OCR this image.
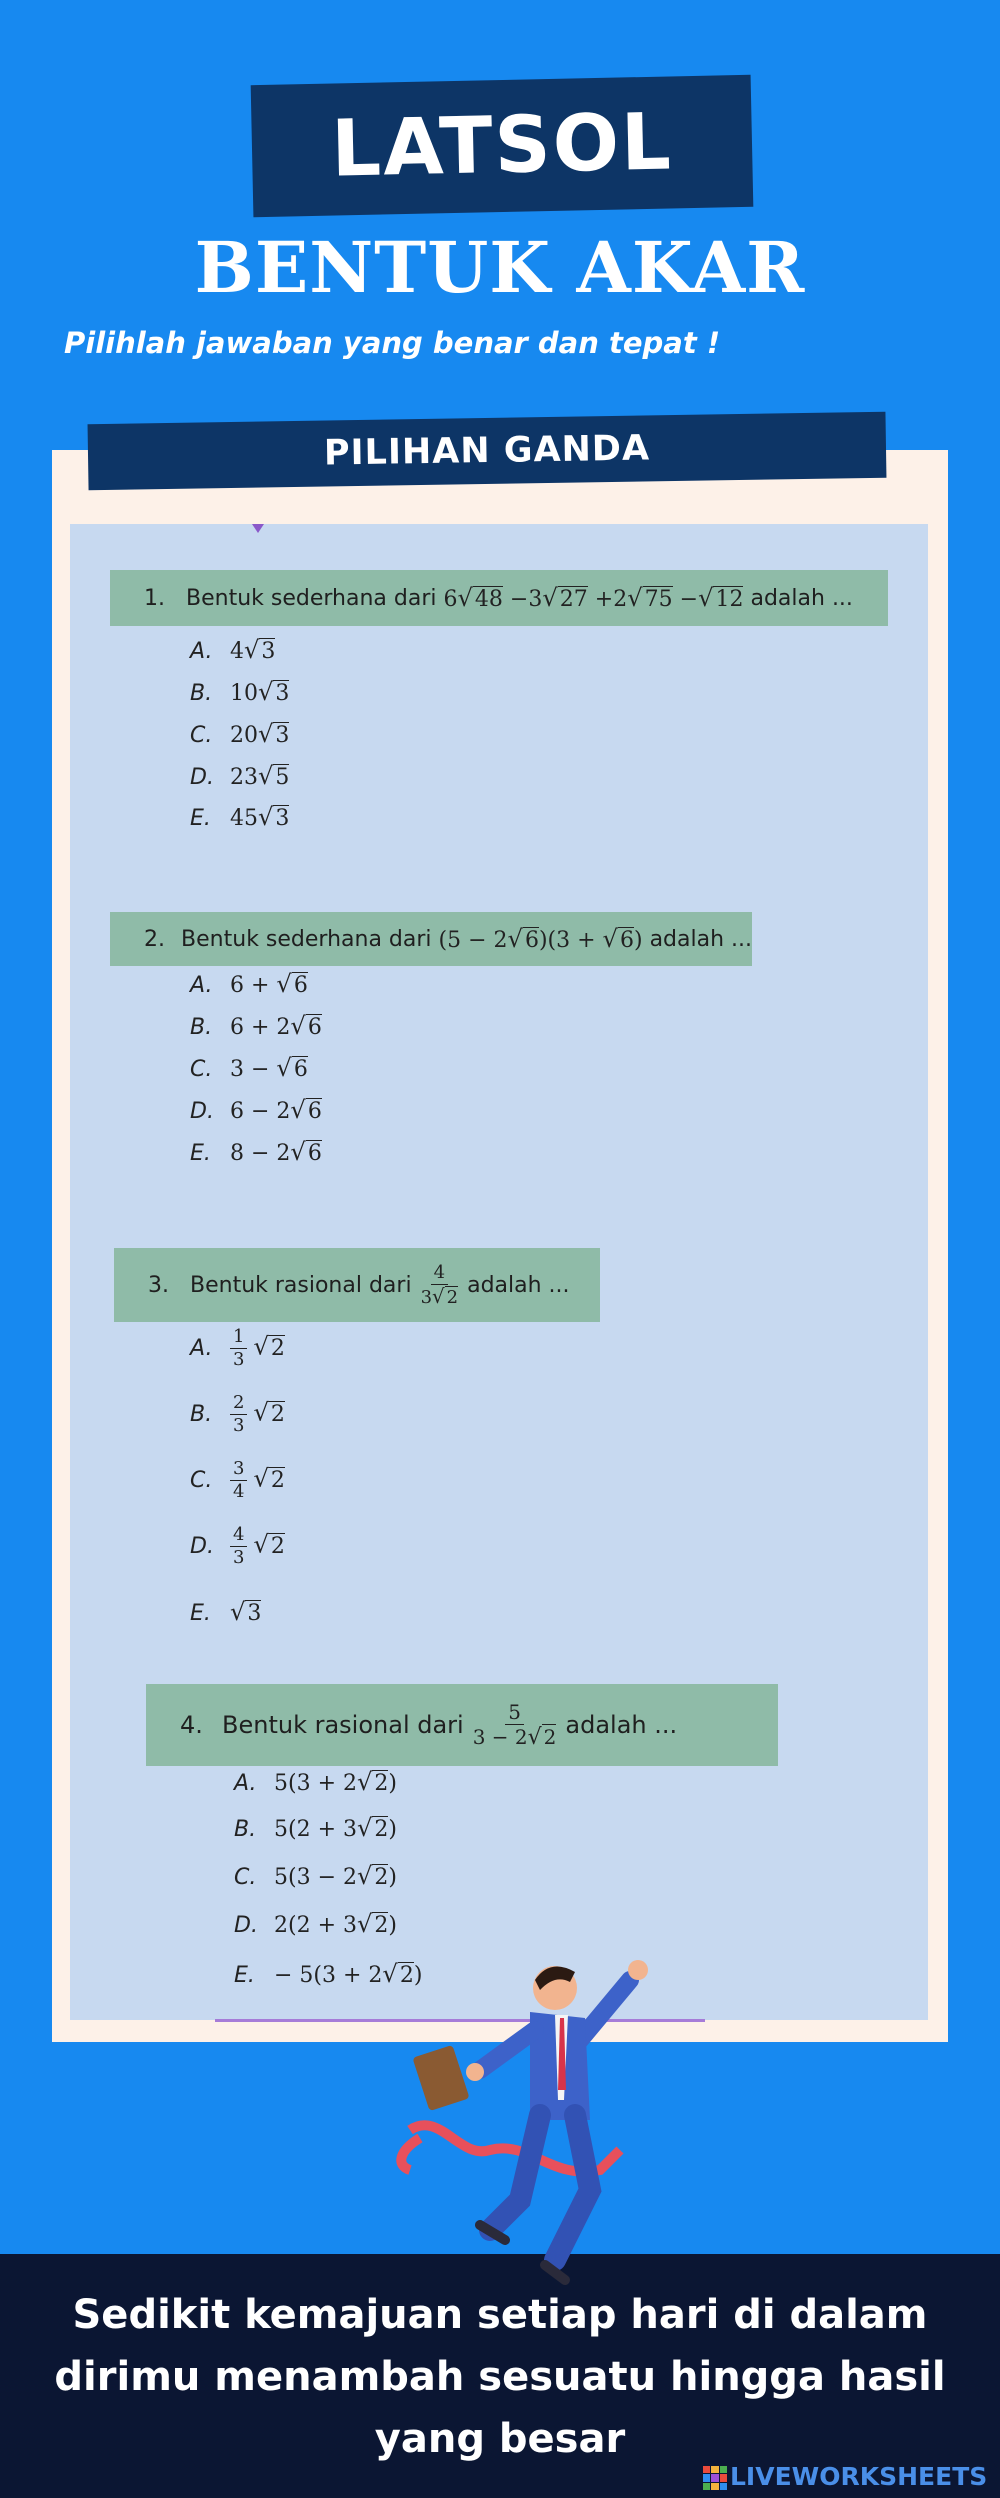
LATSOL
BENTUK AKAR
Pilihlah jawaban yang benar dan tepat !
PILIHAN GANDA
1. Bentuk sederhana dari
6√48 −3√27 +2√75 −√12
adalah ...
A. 4√3
B. 10√3
C. 20√3
D. 23√5
E. 45√3
2. Bentuk sederhana dari
(5 − 2√6)(3 + √6)
adalah ...
A. 6 + √6
B. 6 + 2√6
C. 3 − √6
D. 6 − 2√6
E. 8 − 2√6
3. Bentuk rasional dari $\frac{4}{3√ 2}$ adalah ...
A. $\frac{1}{3} √2$
B. $\frac{2}{3} √2$
C. $\frac{3}{4} √2$
D. $\frac{4}{3} √2$
E. √3
4. Bentuk rasional dari $\frac{5}{3 - 2√ 2}$ adalah ...
A. 5(3 + 2√2)
B. 5(2 + 3√2)
C. 5(3 − 2√2)
D. 2(2 + 3√2)
E. − 5(3 + 2√2)
Sedikit kemajuan setiap hari di dalam
dirimu menambah sesuatu hingga hasil
yang besar
LIVEWORKSHEETS
